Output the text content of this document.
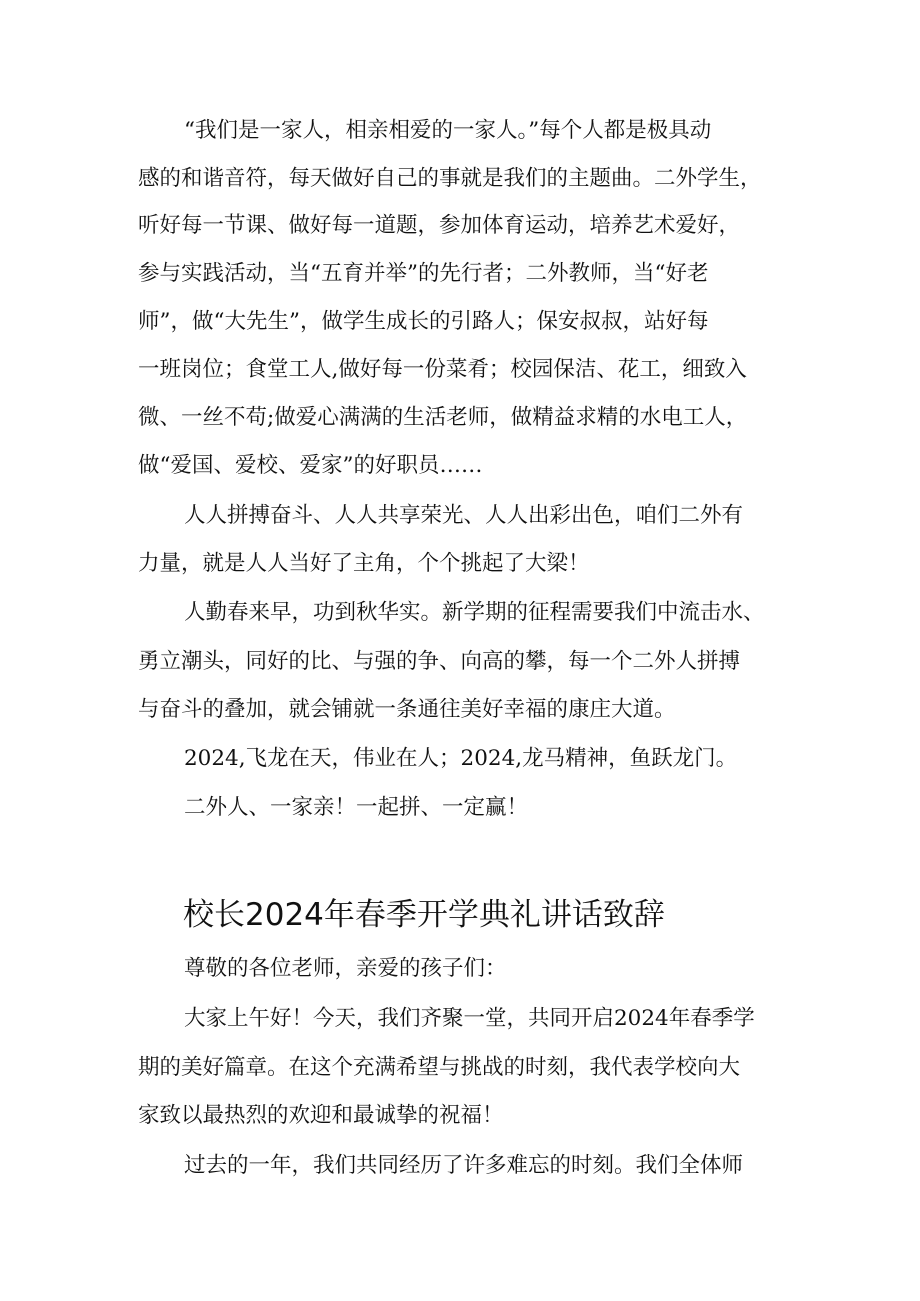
“我们是一家人，相亲相爱的一家人。”每个人都是极具动
感的和谐音符，每天做好自己的事就是我们的主题曲。二外学生，
听好每一节课、做好每一道题，参加体育运动，培养艺术爱好，
参与实践活动，当“五育并举”的先行者；二外教师，当“好老
师”，做“大先生”，做学生成长的引路人；保安叔叔，站好每
一班岗位；食堂工人,做好每一份菜肴；校园保洁、花工，细致入
微、一丝不苟;做爱心满满的生活老师，做精益求精的水电工人，
做“爱国、爱校、爱家”的好职员……
人人拼搏奋斗、人人共享荣光、人人出彩出色，咱们二外有
力量，就是人人当好了主角，个个挑起了大梁！
人勤春来早，功到秋华实。新学期的征程需要我们中流击水、
勇立潮头，同好的比、与强的争、向高的攀，每一个二外人拼搏
与奋斗的叠加，就会铺就一条通往美好幸福的康庄大道。
2024,飞龙在天，伟业在人；2024,龙马精神，鱼跃龙门。
二外人、一家亲！一起拼、一定赢！
校长2024年春季开学典礼讲话致辞
尊敬的各位老师，亲爱的孩子们：
大家上午好！今天，我们齐聚一堂，共同开启2024年春季学
期的美好篇章。在这个充满希望与挑战的时刻，我代表学校向大
家致以最热烈的欢迎和最诚挚的祝福！
过去的一年，我们共同经历了许多难忘的时刻。我们全体师
